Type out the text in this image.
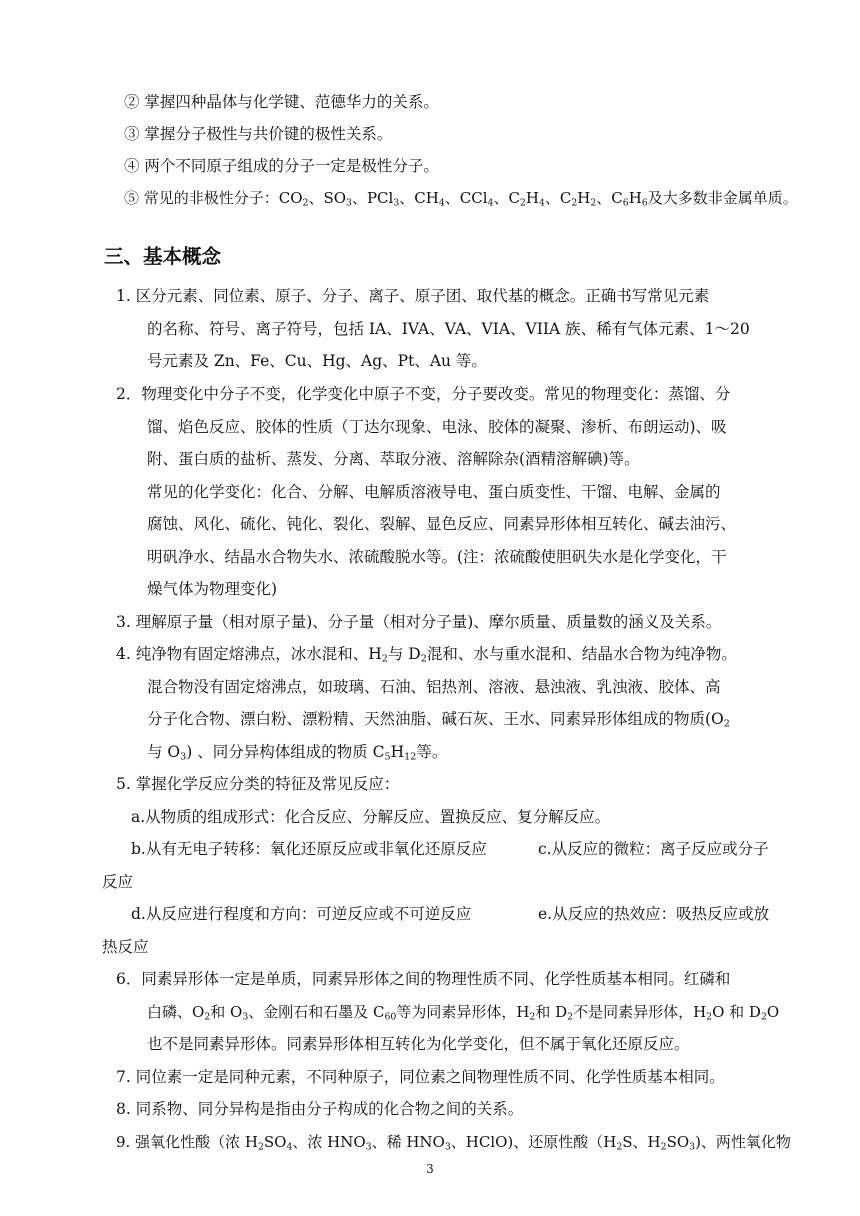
② 掌握四种晶体与化学键、范德华力的关系。
③ 掌握分子极性与共价键的极性关系。
④ 两个不同原子组成的分子一定是极性分子。
⑤ 常见的非极性分子：$CO_2$、$SO_3$、PCl$_3$、$CH_4$、CCl$_4$、$C_2H_4$、$C_2H_2$、$C_6H_6$及大多数非金属单质。
三、基本概念
1. 区分元素、同位素、原子、分子、离子、原子团、取代基的概念。正确书写常见元素
的名称、符号、离子符号，包括 IA、IVA、VA、VIA、VIIA 族、稀有气体元素、1～20
号元素及 Zn、Fe、Cu、Hg、Ag、Pt、Au 等。
2．物理变化中分子不变，化学变化中原子不变，分子要改变。常见的物理变化：蒸馏、分
馏、焰色反应、胶体的性质（丁达尔现象、电泳、胶体的凝聚、渗析、布朗运动)、吸
附、蛋白质的盐析、蒸发、分离、萃取分液、溶解除杂(酒精溶解碘)等。
常见的化学变化：化合、分解、电解质溶液导电、蛋白质变性、干馏、电解、金属的
腐蚀、风化、硫化、钝化、裂化、裂解、显色反应、同素异形体相互转化、碱去油污、
明矾净水、结晶水合物失水、浓硫酸脱水等。(注：浓硫酸使胆矾失水是化学变化，干
燥气体为物理变化)
3. 理解原子量（相对原子量)、分子量（相对分子量)、摩尔质量、质量数的涵义及关系。
4. 纯净物有固定熔沸点，冰水混和、$H_2$与 $D_2$混和、水与重水混和、结晶水合物为纯净物。
混合物没有固定熔沸点，如玻璃、石油、铝热剂、溶液、悬浊液、乳浊液、胶体、高
分子化合物、漂白粉、漂粉精、天然油脂、碱石灰、王水、同素异形体组成的物质($O_2$
与 $O_3$) 、同分异构体组成的物质 $C_5H_{12}$等。
5. 掌握化学反应分类的特征及常见反应：
a.从物质的组成形式：化合反应、分解反应、置换反应、复分解反应。
b.从有无电子转移：氧化还原反应或非氧化还原反应	c.从反应的微粒：离子反应或分子
反应
d.从反应进行程度和方向：可逆反应或不可逆反应	e.从反应的热效应：吸热反应或放
热反应
6．同素异形体一定是单质，同素异形体之间的物理性质不同、化学性质基本相同。红磷和
白磷、$O_2$和 $O_3$、金刚石和石墨及 $C_{60}$等为同素异形体，$H_2$和 $D_2$不是同素异形体，$H_2O$ 和 $D_2O$
也不是同素异形体。同素异形体相互转化为化学变化，但不属于氧化还原反应。
7. 同位素一定是同种元素，不同种原子，同位素之间物理性质不同、化学性质基本相同。
8. 同系物、同分异构是指由分子构成的化合物之间的关系。
9. 强氧化性酸（浓 $H_2SO_4$、浓 $HNO_3$、稀 $HNO_3$、HClO)、还原性酸（$H_2S$、$H_2SO_3$)、两性氧化物
3
